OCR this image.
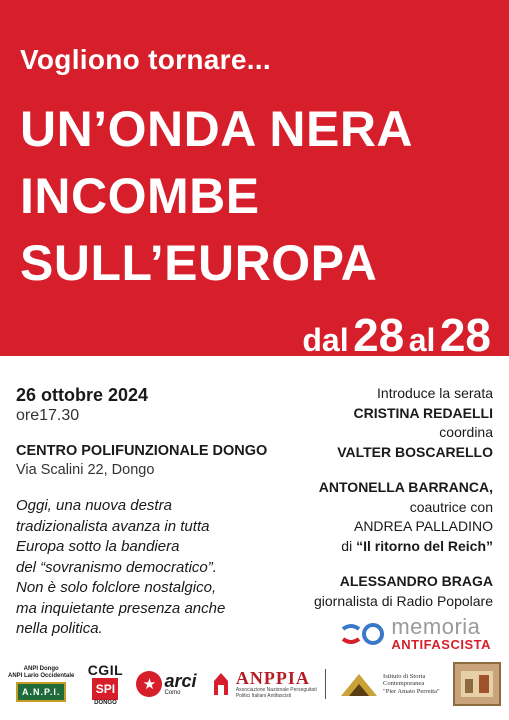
Vogliono tornare...
UN’ONDA NERA
INCOMBE
SULL’EUROPA
dal 28 al 28
26 ottobre 2024
ore17.30
CENTRO POLIFUNZIONALE DONGO
Via Scalini 22, Dongo
Oggi, una nuova destra
tradizionalista avanza in tutta
Europa sotto la bandiera
del “sovranismo democratico”.
Non è solo folclore nostalgico,
ma inquietante presenza anche
nella politica.
Introduce la serata
CRISTINA REDAELLI
coordina
VALTER BOSCARELLO
ANTONELLA BARRANCA,
coautrice con
ANDREA PALLADINO
di “Il ritorno del Reich”
ALESSANDRO BRAGA
giornalista di Radio Popolare
memoria
ANTIFASCISTA
ANPI Dongo
ANPI Lario Occidentale
A.N.P.I.
CGIL
SPI
DONGO
★ arci
Como
ANPPIA
Associazione Nazionale Perseguitati
Politici Italiani Antifascisti
Istituto di Storia
Contemporanea
"Pier Amato Perretta"
